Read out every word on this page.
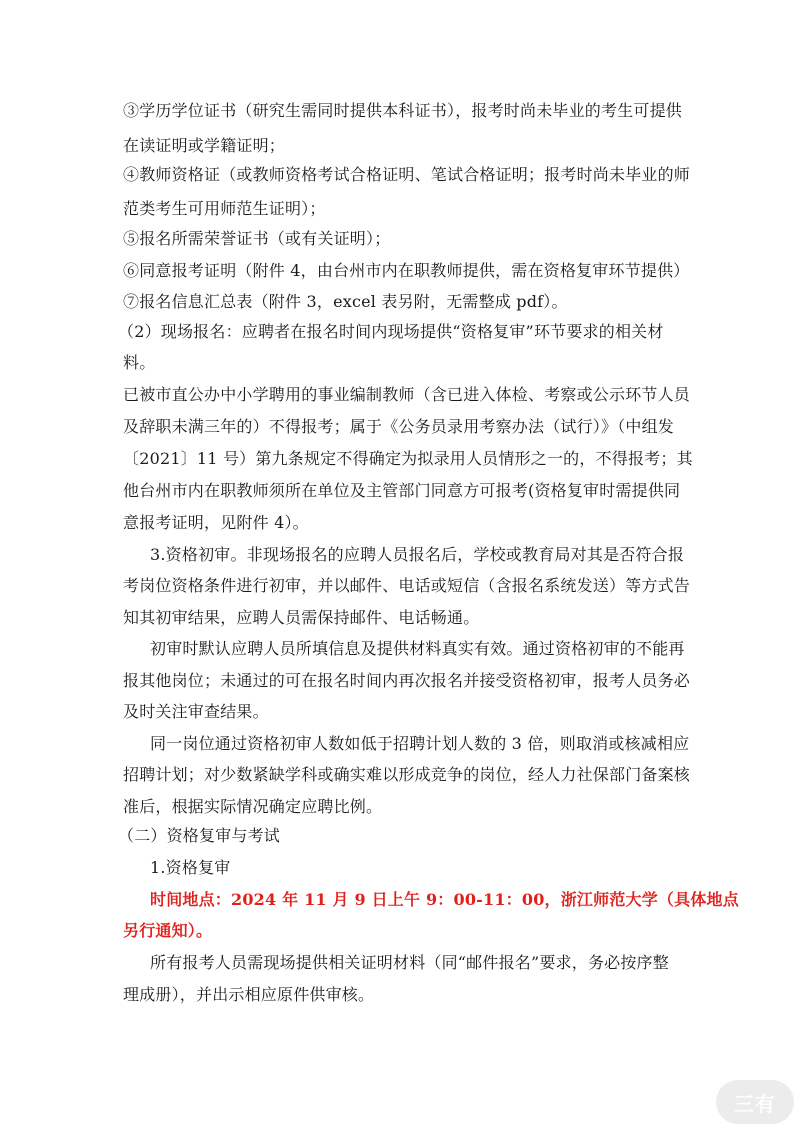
③学历学位证书（研究生需同时提供本科证书），报考时尚未毕业的考生可提供
在读证明或学籍证明；
④教师资格证（或教师资格考试合格证明、笔试合格证明；报考时尚未毕业的师
范类考生可用师范生证明）；
⑤报名所需荣誉证书（或有关证明）；
⑥同意报考证明（附件 4，由台州市内在职教师提供，需在资格复审环节提供）
⑦报名信息汇总表（附件 3，excel 表另附，无需整成 pdf）。
（2）现场报名：应聘者在报名时间内现场提供“资格复审”环节要求的相关材
料。
已被市直公办中小学聘用的事业编制教师（含已进入体检、考察或公示环节人员
及辞职未满三年的）不得报考；属于《公务员录用考察办法（试行）》（中组发
〔2021〕11 号）第九条规定不得确定为拟录用人员情形之一的，不得报考；其
他台州市内在职教师须所在单位及主管部门同意方可报考(资格复审时需提供同
意报考证明，见附件 4）。
3.资格初审。非现场报名的应聘人员报名后，学校或教育局对其是否符合报
考岗位资格条件进行初审，并以邮件、电话或短信（含报名系统发送）等方式告
知其初审结果，应聘人员需保持邮件、电话畅通。
初审时默认应聘人员所填信息及提供材料真实有效。通过资格初审的不能再
报其他岗位；未通过的可在报名时间内再次报名并接受资格初审，报考人员务必
及时关注审查结果。
同一岗位通过资格初审人数如低于招聘计划人数的 3 倍，则取消或核减相应
招聘计划；对少数紧缺学科或确实难以形成竞争的岗位，经人力社保部门备案核
准后，根据实际情况确定应聘比例。
（二）资格复审与考试
1.资格复审
时间地点：2024 年 11 月 9 日上午 9：00-11：00，浙江师范大学（具体地点
另行通知）。
所有报考人员需现场提供相关证明材料（同“邮件报名”要求，务必按序整
理成册），并出示相应原件供审核。
三有
